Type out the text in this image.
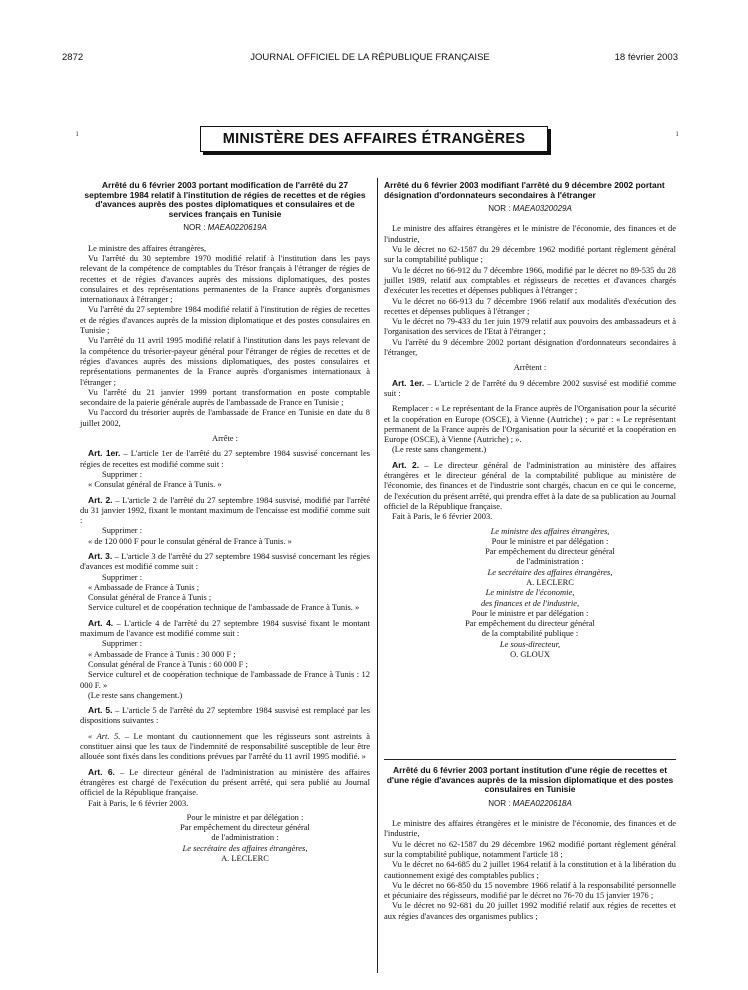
2872	JOURNAL OFFICIEL DE LA RÉPUBLIQUE FRANÇAISE	18 février 2003
ı	ı
MINISTÈRE DES AFFAIRES ÉTRANGÈRES
Arrêté du 6 février 2003 portant modification de l'arrêté du 27 septembre 1984 relatif à l'institution de régies de recettes et de régies d'avances auprès des postes diplomatiques et consulaires et de services français en Tunisie
NOR : MAEA0220619A

Le ministre des affaires étrangères,

Vu l'arrêté du 30 septembre 1970 modifié relatif à l'institution dans les pays relevant de la compétence de comptables du Trésor français à l'étranger de régies de recettes et de régies d'avances auprès des missions diplomatiques, des postes consulaires et des représentations permanentes de la France auprès d'organismes internationaux à l'étranger ;

Vu l'arrêté du 27 septembre 1984 modifié relatif à l'institution de régies de recettes et de régies d'avances auprès de la mission diplomatique et des postes consulaires en Tunisie ;

Vu l'arrêté du 11 avril 1995 modifié relatif à l'institution dans les pays relevant de la compétence du trésorier-payeur général pour l'étranger de régies de recettes et de régies d'avances auprès des missions diplomatiques, des postes consulaires et représentations permanentes de la France auprès d'organismes internationaux à l'étranger ;

Vu l'arrêté du 21 janvier 1999 portant transformation en poste comptable secondaire de la paierie générale auprès de l'ambassade de France en Tunisie ;

Vu l'accord du trésorier auprès de l'ambassade de France en Tunisie en date du 8 juillet 2002,

Arrête :

Art. 1er. – L'article 1er de l'arrêté du 27 septembre 1984 susvisé concernant les régies de recettes est modifié comme suit :

Supprimer :

« Consulat général de France à Tunis. »

Art. 2. – L'article 2 de l'arrêté du 27 septembre 1984 susvisé, modifié par l'arrêté du 31 janvier 1992, fixant le montant maximum de l'encaisse est modifié comme suit :

Supprimer :

« de 120 000 F pour le consulat général de France à Tunis. »

Art. 3. – L'article 3 de l'arrêté du 27 septembre 1984 susvisé concernant les régies d'avances est modifié comme suit :

Supprimer :

« Ambassade de France à Tunis ;

Consulat général de France à Tunis ;

Service culturel et de coopération technique de l'ambassade de France à Tunis. »

Art. 4. – L'article 4 de l'arrêté du 27 septembre 1984 susvisé fixant le montant maximum de l'avance est modifié comme suit :

Supprimer :

« Ambassade de France à Tunis : 30 000 F ;

Consulat général de France à Tunis : 60 000 F ;

Service culturel et de coopération technique de l'ambassade de France à Tunis : 12 000 F. »

(Le reste sans changement.)

Art. 5. – L'article 5 de l'arrêté du 27 septembre 1984 susvisé est remplacé par les dispositions suivantes :

« Art. 5. – Le montant du cautionnement que les régisseurs sont astreints à constituer ainsi que les taux de l'indemnité de responsabilité susceptible de leur être allouée sont fixés dans les conditions prévues par l'arrêté du 11 avril 1995 modifié. »

Art. 6. – Le directeur général de l'administration au ministère des affaires étrangères est chargé de l'exécution du présent arrêté, qui sera publié au Journal officiel de la République française.

Fait à Paris, le 6 février 2003.

Pour le ministre et par délégation :

Par empêchement du directeur général

de l'administration :

Le secrétaire des affaires étrangères,

A. LECLERC

Arrêté du 6 février 2003 modifiant l'arrêté du 9 décembre 2002 portant désignation d'ordonnateurs secondaires à l'étranger
NOR : MAEA0320029A

Le ministre des affaires étrangères et le ministre de l'économie, des finances et de l'industrie,

Vu le décret no 62-1587 du 29 décembre 1962 modifié portant règlement général sur la comptabilité publique ;

Vu le décret no 66-912 du 7 décembre 1966, modifié par le décret no 89-535 du 28 juillet 1989, relatif aux comptables et régisseurs de recettes et d'avances chargés d'exécuter les recettes et dépenses publiques à l'étranger ;

Vu le décret no 66-913 du 7 décembre 1966 relatif aux modalités d'exécution des recettes et dépenses publiques à l'étranger ;

Vu le décret no 79-433 du 1er juin 1979 relatif aux pouvoirs des ambassadeurs et à l'organisation des services de l'Etat à l'étranger ;

Vu l'arrêté du 9 décembre 2002 portant désignation d'ordonnateurs secondaires à l'étranger,

Arrêtent :

Art. 1er. – L'article 2 de l'arrêté du 9 décembre 2002 susvisé est modifié comme suit :

Remplacer : « Le représentant de la France auprès de l'Organisation pour la sécurité et la coopération en Europe (OSCE), à Vienne (Autriche) ; » par : « Le représentant permanent de la France auprès de l'Organisation pour la sécurité et la coopération en Europe (OSCE), à Vienne (Autriche) ; ».

(Le reste sans changement.)

Art. 2. – Le directeur général de l'administration au ministère des affaires étrangères et le directeur général de la comptabilité publique au ministère de l'économie, des finances et de l'industrie sont chargés, chacun en ce qui le concerne, de l'exécution du présent arrêté, qui prendra effet à la date de sa publication au Journal officiel de la République française.

Fait à Paris, le 6 février 2003.

Le ministre des affaires étrangères,

Pour le ministre et par délégation :

Par empêchement du directeur général

de l'administration :

Le secrétaire des affaires étrangères,

A. LECLERC

Le ministre de l'économie,

des finances et de l'industrie,

Pour le ministre et par délégation :

Par empêchement du directeur général

de la comptabilité publique :

Le sous-directeur,

O. GLOUX

Arrêté du 6 février 2003 portant institution d'une régie de recettes et d'une régie d'avances auprès de la mission diplomatique et des postes consulaires en Tunisie
NOR : MAEA0220618A

Le ministre des affaires étrangères et le ministre de l'économie, des finances et de l'industrie,

Vu le décret no 62-1587 du 29 décembre 1962 modifié portant règlement général sur la comptabilité publique, notamment l'article 18 ;

Vu le décret no 64-685 du 2 juillet 1964 relatif à la constitution et à la libération du cautionnement exigé des comptables publics ;

Vu le décret no 66-850 du 15 novembre 1966 relatif à la responsabilité personnelle et pécuniaire des régisseurs, modifié par le décret no 76-70 du 15 janvier 1976 ;

Vu le décret no 92-681 du 20 juillet 1992 modifié relatif aux régies de recettes et aux régies d'avances des organismes publics ;
